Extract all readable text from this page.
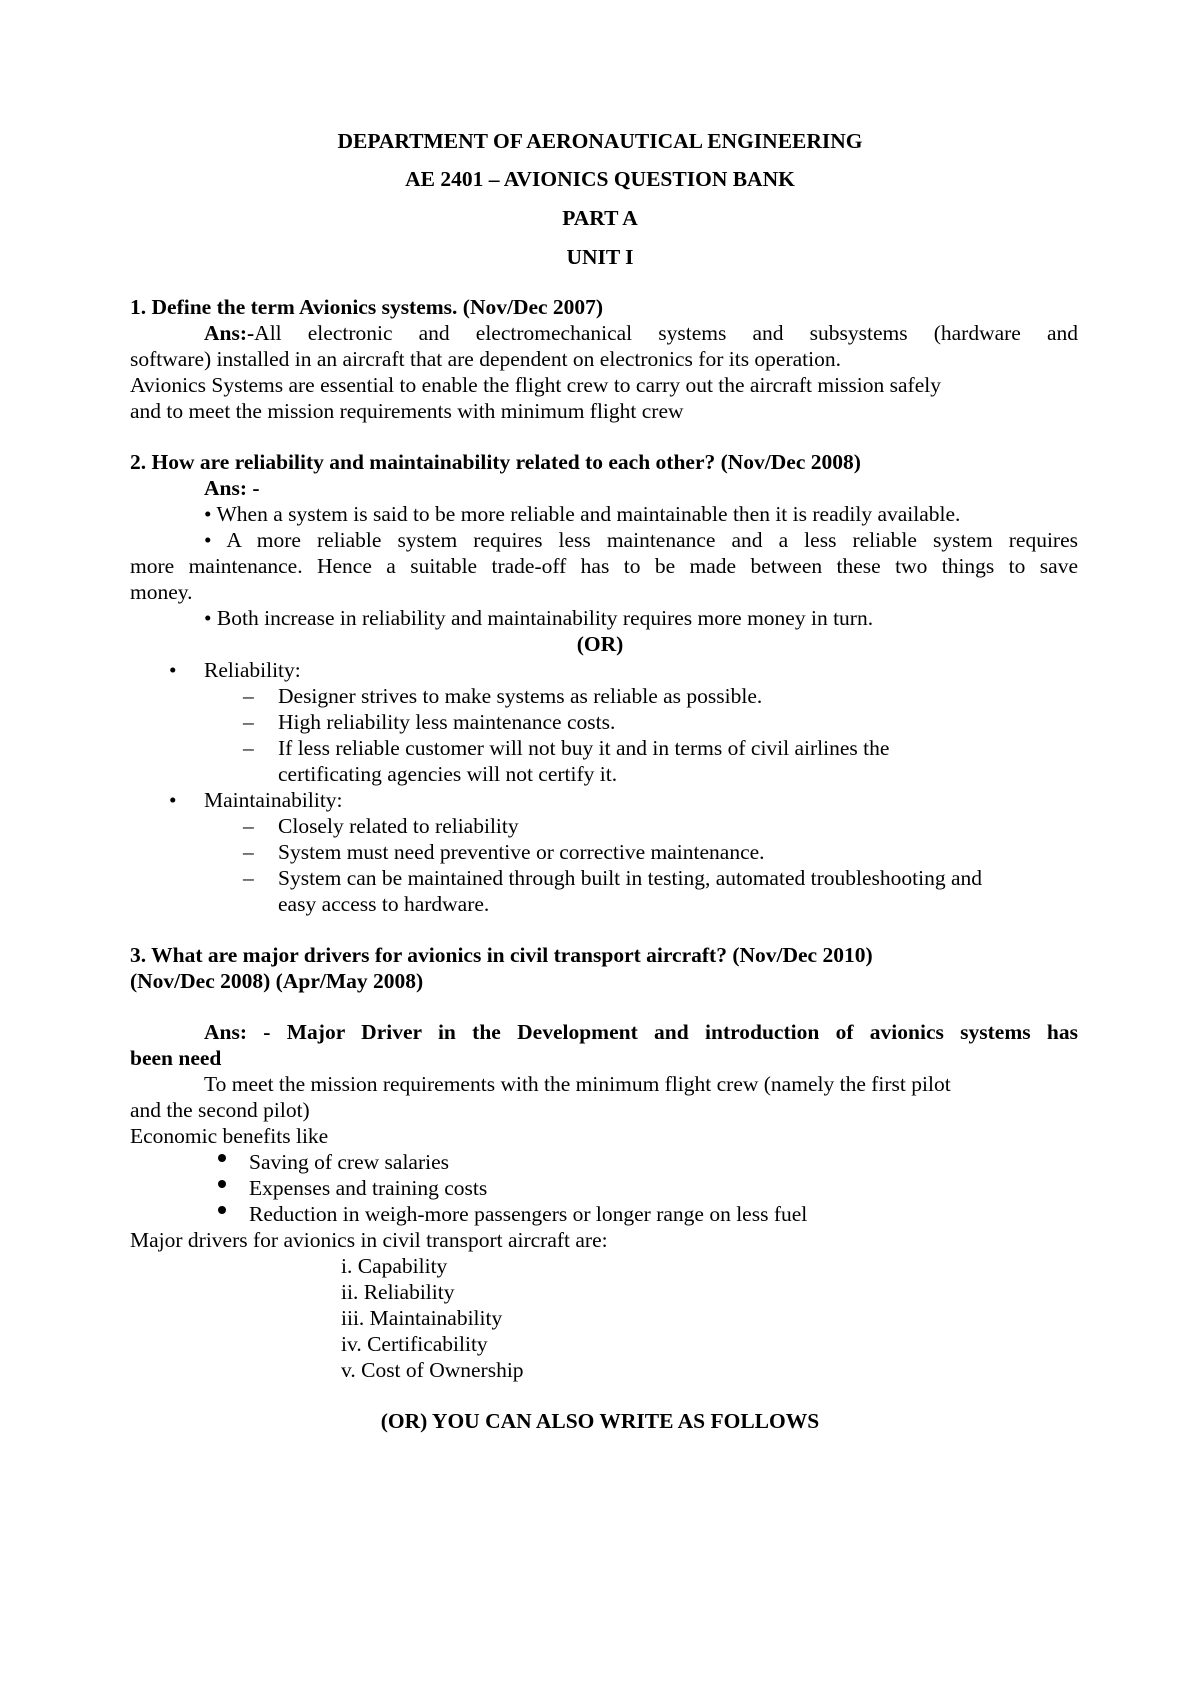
DEPARTMENT OF AERONAUTICAL ENGINEERING
AE 2401 – AVIONICS QUESTION BANK
PART A
UNIT I
1. Define the term Avionics systems. (Nov/Dec 2007)
Ans:-All electronic and electromechanical systems and subsystems (hardware and
software) installed in an aircraft that are dependent on electronics for its operation.
Avionics Systems are essential to enable the flight crew to carry out the aircraft mission safely
and to meet the mission requirements with minimum flight crew
2. How are reliability and maintainability related to each other? (Nov/Dec 2008)
Ans: -
• When a system is said to be more reliable and maintainable then it is readily available.
• A more reliable system requires less maintenance and a less reliable system requires
more maintenance. Hence a suitable trade-off has to be made between these two things to save
money.
• Both increase in reliability and maintainability requires more money in turn.
(OR)
• Reliability:
– Designer strives to make systems as reliable as possible.
– High reliability less maintenance costs.
– If less reliable customer will not buy it and in terms of civil airlines the
certificating agencies will not certify it.
• Maintainability:
– Closely related to reliability
– System must need preventive or corrective maintenance.
– System can be maintained through built in testing, automated troubleshooting and
easy access to hardware.
3. What are major drivers for avionics in civil transport aircraft? (Nov/Dec 2010)
(Nov/Dec 2008) (Apr/May 2008)
Ans: - Major Driver in the Development and introduction of avionics systems has
been need
To meet the mission requirements with the minimum flight crew (namely the first pilot
and the second pilot)
Economic benefits like
Saving of crew salaries
Expenses and training costs
Reduction in weigh-more passengers or longer range on less fuel
Major drivers for avionics in civil transport aircraft are:
i. Capability
ii. Reliability
iii. Maintainability
iv. Certificability
v. Cost of Ownership
(OR) YOU CAN ALSO WRITE AS FOLLOWS
